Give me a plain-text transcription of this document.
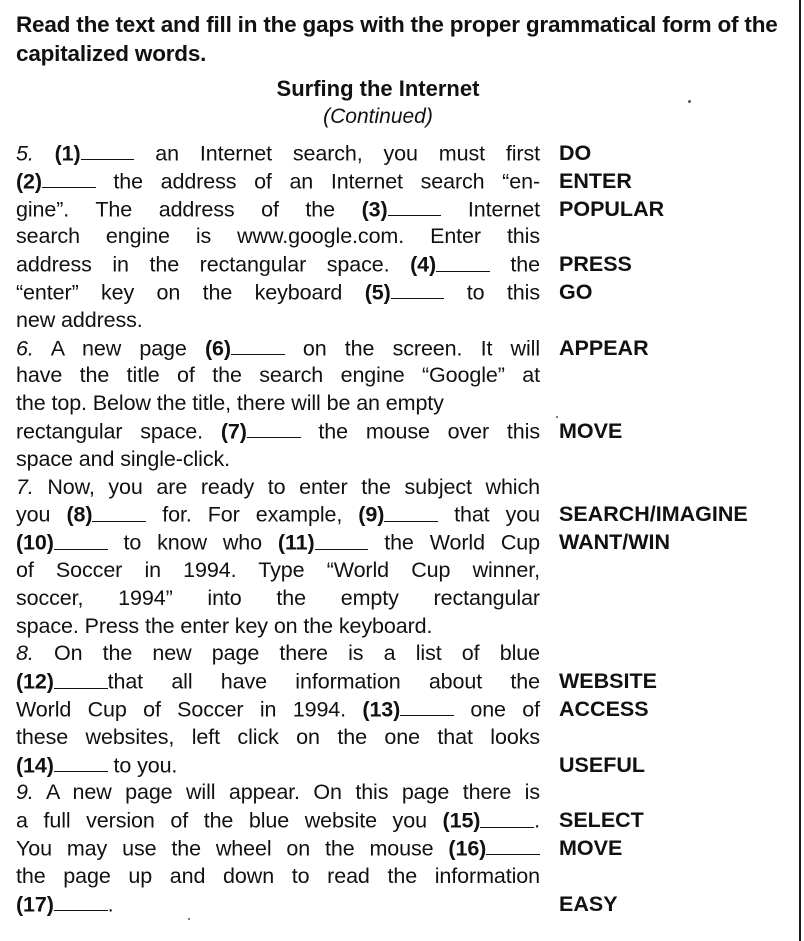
Read the text and fill in the gaps with the proper grammatical form of the capitalized words.

Surfing the Internet
(Continued)
5. (1)	an Internet search, you must first DO
(2)	the address of an Internet search “en- ENTER
gine”. The address of the (3)	Internet POPULAR
search engine is www.google.com. Enter this
address in the rectangular space. (4)	the PRESS
“enter” key on the keyboard (5)	to this GO
new address.
6. A new page (6)	on the screen. It will APPEAR
have the title of the search engine “Google” at
the top. Below the title, there will be an empty
rectangular space. (7)	the mouse over this MOVE
space and single-click.
7. Now, you are ready to enter the subject which
you (8)	for. For example, (9)	that you SEARCH/IMAGINE
(10)	to know who (11)	the World Cup WANT/WIN
of Soccer in 1994. Type “World Cup winner,
soccer, 1994” into the empty rectangular
space. Press the enter key on the keyboard.
8. On the new page there is a list of blue
(12)	that all have information about the WEBSITE
World Cup of Soccer in 1994. (13)	one of ACCESS
these websites, left click on the one that looks
(14)	to you.	USEFUL
9. A new page will appear. On this page there is
a full version of the blue website you (15)	. SELECT
You may use the wheel on the mouse (16)	MOVE
the page up and down to read the information
(17)	.	EASY
